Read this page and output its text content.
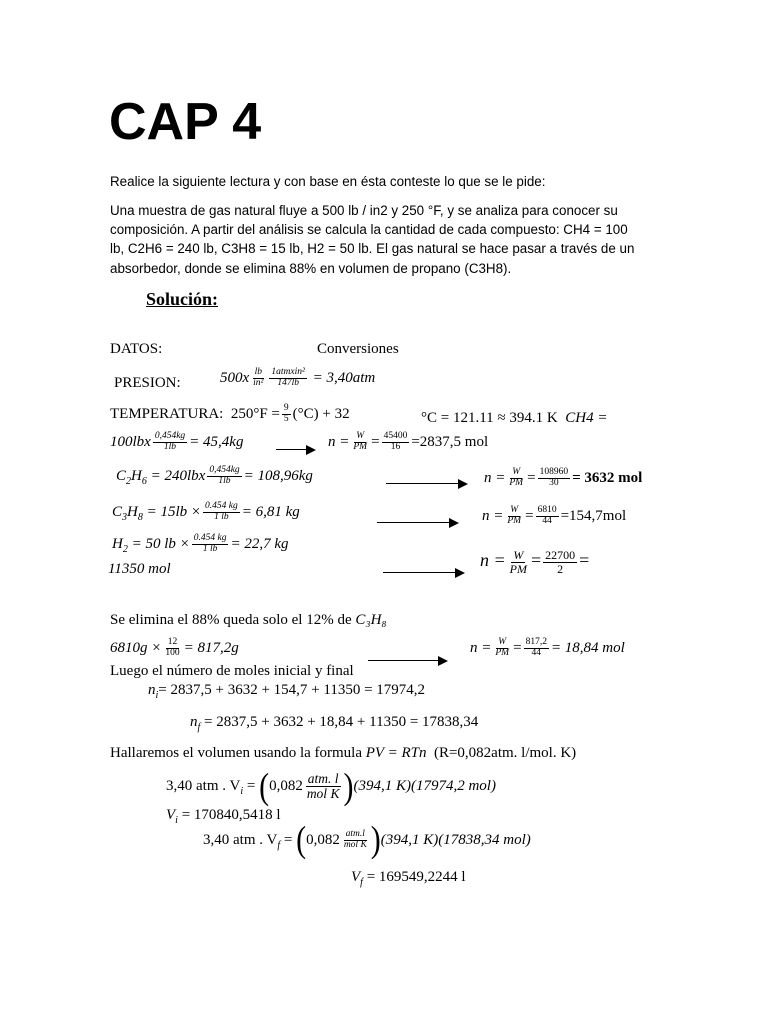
CAP 4
Realice la siguiente lectura y con base en ésta conteste lo que se le pide:
Una muestra de gas natural fluye a 500 lb / in2 y 250 °F, y se analiza para conocer su
composición. A partir del análisis se calcula la cantidad de cada compuesto: CH4 = 100
lb, C2H6 = 240 lb, C3H8 = 15 lb, H2 = 50 lb. El gas natural se hace pasar a través de un
absorbedor, donde se elimina 88% en volumen de propano (C3H8).
Solución:
DATOS:	Conversiones
PRESION:	$500x \frac{lb}{\text{in²}} \frac{\text{1atmxin²}}{147lb} = 3,40atm$
TEMPERATURA: $250^\circ F = \frac{9}{5} (^\circ C) + 32$	°C = 121.11 ≈ 394.1 K CH4 =
$100lbx \frac{0,454kg}{1lb} = 45,4kg$	$n = \frac{W}{PM} = \frac{45400}{16} =2837,5$ mol
$C_2H_6 = 240lbx \frac{0,454kg}{1lb} = 108,96kg$	$n = \frac{W}{PM} = \frac{108960}{30} = 3632$ mol
$C_3H_8 = 15lb \times \frac{0.454 kg}{1 lb} = 6,81$ kg	$n = \frac{W}{PM} = \frac{6810}{44} =154,7mol$
$H_2 = 50$ lb × $\frac{0.454 kg}{1 lb} = 22,7$ kg
11350 mol	$n = \frac{W}{PM} = \frac{22700}{2}$ =
Se elimina el 88% queda solo el 12% de C₃H₈
$6810g \times \frac{12}{100} = 817,2g$	$n = \frac{W}{PM} = \frac{817,2}{44} = 18,84$ mol
Luego el número de moles inicial y final
$n_i= 2837,5 + 3632 + 154,7 + 11350 = 17974,2$
$n_f = 2837,5 + 3632 + 18,84 + 11350 = 17838,34$
Hallaremos el volumen usando la formula PV = RTn (R=0,082atm. l/mol. K)
3,40 atm . $V_i = (0,082 \frac{\text{atm. l}}{\text{mol K}} )(394,1$ K)(17974,2 mol)
$V_i = 170840,5418$ l
3,40 atm . $V_f = (0,082 \frac{\text{atm.l}}{\text{mol K}} )(394,1$ K)(17838,34 mol)
$V_f = 169549,2244$ l
